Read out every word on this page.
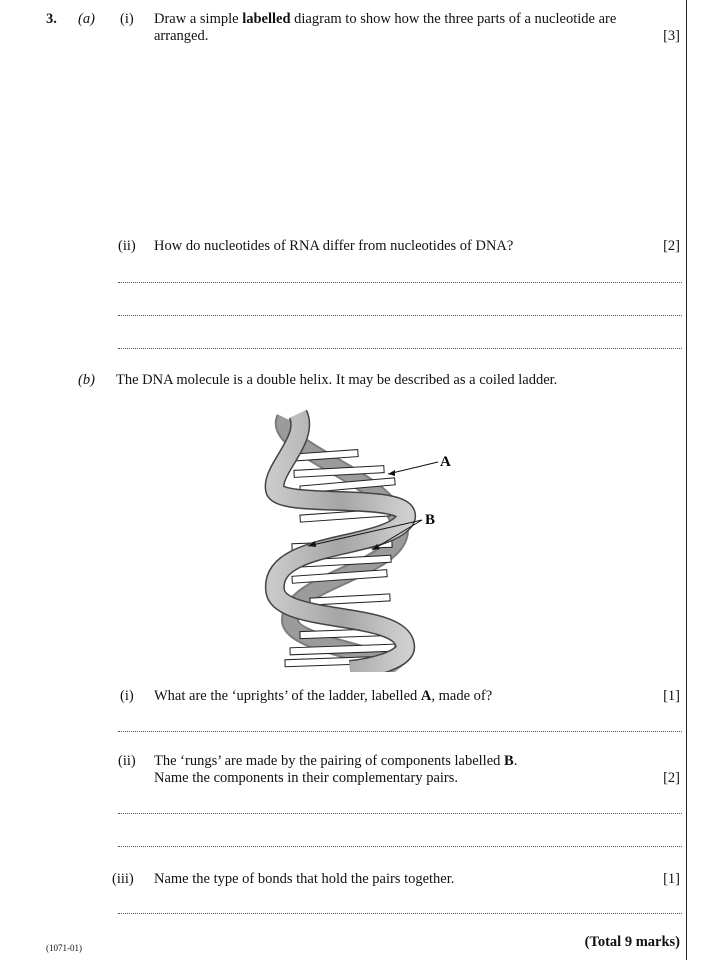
3. (a) (i) Draw a simple labelled diagram to show how the three parts of a nucleotide are
arranged.	[3]
(ii) How do nucleotides of RNA differ from nucleotides of DNA?	[2]
(b) The DNA molecule is a double helix. It may be described as a coiled ladder.
A
B
(i) What are the ‘uprights’ of the ladder, labelled A, made of?	[1]
(ii) The ‘rungs’ are made by the pairing of components labelled B.
Name the components in their complementary pairs.	[2]
(iii) Name the type of bonds that hold the pairs together.	[1]
(1071-01)	(Total 9 marks)
